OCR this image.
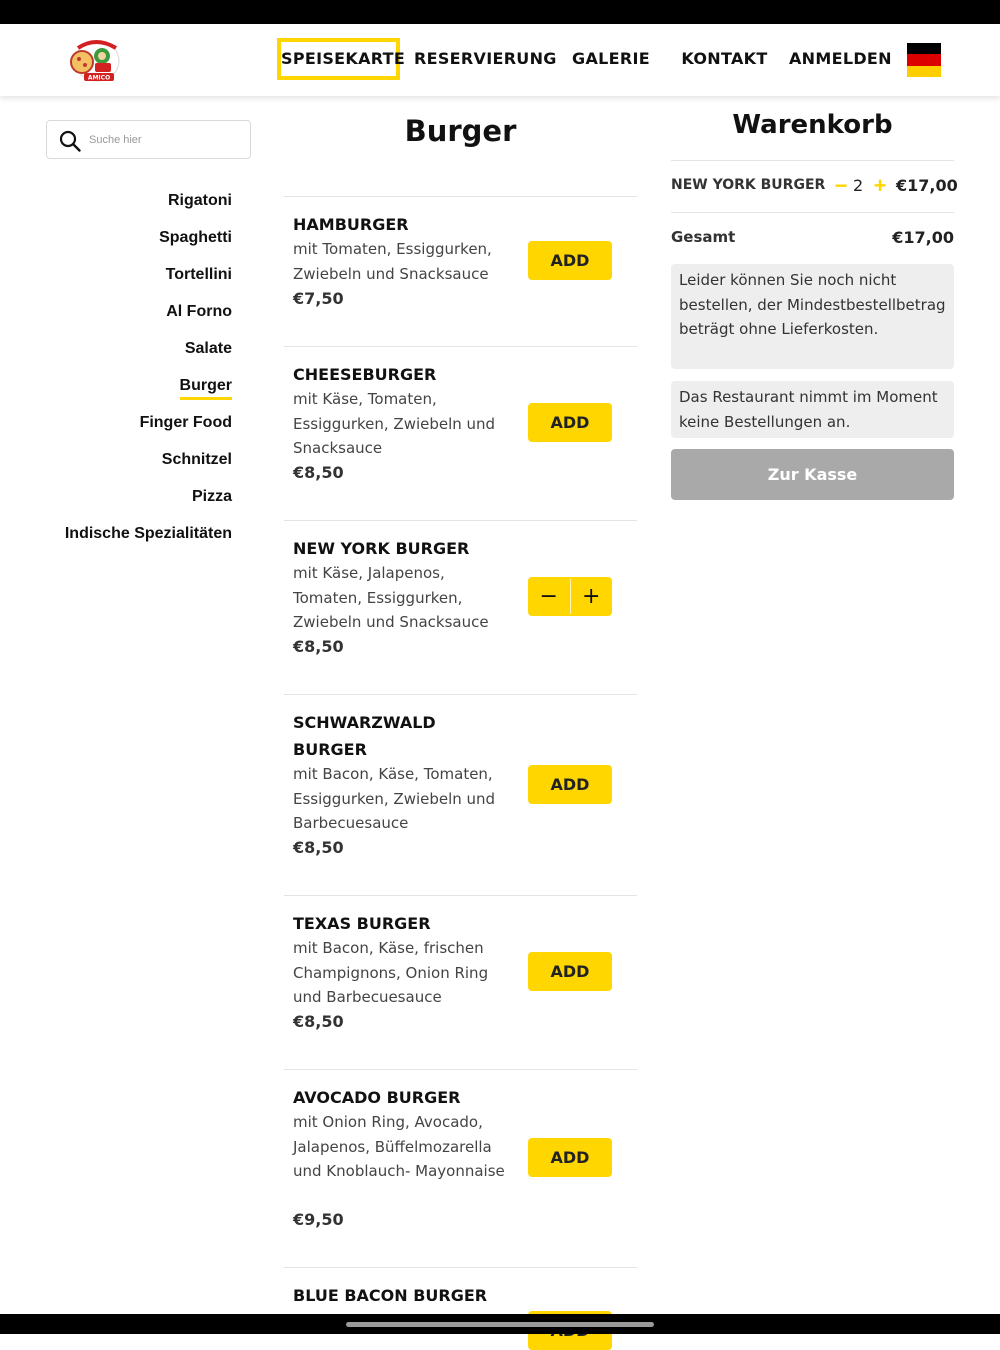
AMICO
SPEISEKARTE RESERVIERUNG GALERIE KONTAKT ANMELDEN
Suche hier
Rigatoni
Spaghetti
Tortellini
Al Forno
Salate
Burger
Finger Food
Schnitzel
Pizza
Indische Spezialitäten
Burger
HAMBURGER
mit Tomaten, Essiggurken, Zwiebeln und Snacksauce
€7,50
ADD
CHEESEBURGER
mit Käse, Tomaten, Essiggurken, Zwiebeln und Snacksauce
€8,50
ADD
NEW YORK BURGER
mit Käse, Jalapenos, Tomaten, Essiggurken, Zwiebeln und Snacksauce
€8,50
−	+
SCHWARZWALD BURGER
mit Bacon, Käse, Tomaten, Essiggurken, Zwiebeln und Barbecuesauce
€8,50
ADD
TEXAS BURGER
mit Bacon, Käse, frischen Champignons, Onion Ring und Barbecuesauce
€8,50
ADD
AVOCADO BURGER
mit Onion Ring, Avocado, Jalapenos, Büffelmozarella und Knoblauch- Mayonnaise
€9,50
ADD
BLUE BACON BURGER
Warenkorb
NEW YORK BURGER − 2 + €17,00
Gesamt	€17,00
Leider können Sie noch nicht bestellen, der Mindestbestellbetrag beträgt ohne Lieferkosten.
Das Restaurant nimmt im Moment keine Bestellungen an.
Zur Kasse
